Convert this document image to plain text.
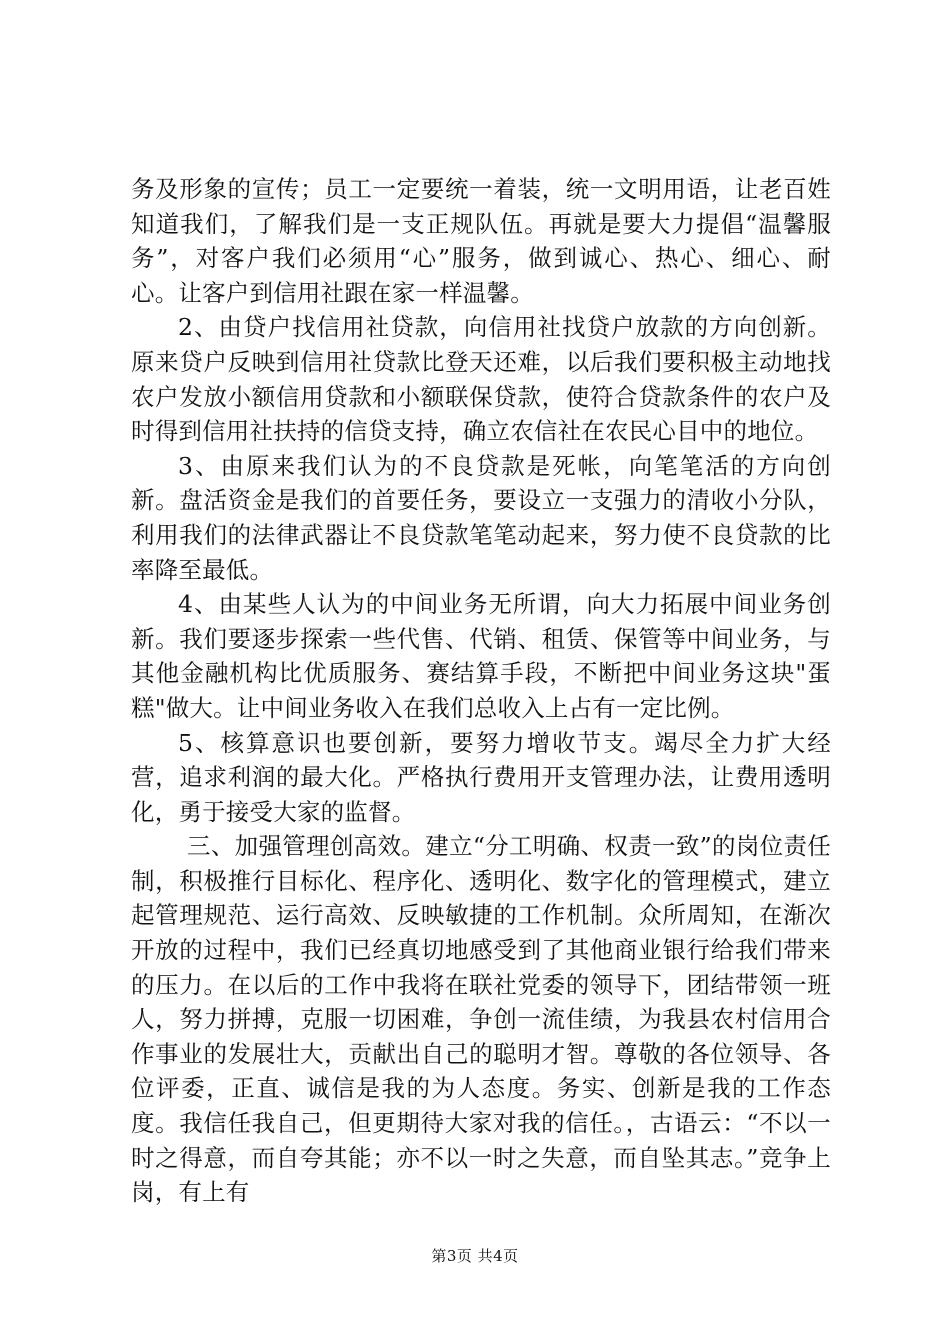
务及形象的宣传；员工一定要统一着装，统一文明用语，让老百姓知道我们，了解我们是一支正规队伍。再就是要大力提倡“温馨服务”，对客户我们必须用“心”服务，做到诚心、热心、细心、耐心。让客户到信用社跟在家一样温馨。

2、由贷户找信用社贷款，向信用社找贷户放款的方向创新。原来贷户反映到信用社贷款比登天还难，以后我们要积极主动地找农户发放小额信用贷款和小额联保贷款，使符合贷款条件的农户及时得到信用社扶持的信贷支持，确立农信社在农民心目中的地位。

3、由原来我们认为的不良贷款是死帐，向笔笔活的方向创新。盘活资金是我们的首要任务，要设立一支强力的清收小分队，利用我们的法律武器让不良贷款笔笔动起来，努力使不良贷款的比率降至最低。

4、由某些人认为的中间业务无所谓，向大力拓展中间业务创新。我们要逐步探索一些代售、代销、租赁、保管等中间业务，与其他金融机构比优质服务、赛结算手段，不断把中间业务这块"蛋糕"做大。让中间业务收入在我们总收入上占有一定比例。

5、核算意识也要创新，要努力增收节支。竭尽全力扩大经营，追求利润的最大化。严格执行费用开支管理办法，让费用透明化，勇于接受大家的监督。

三、加强管理创高效。建立“分工明确、权责一致”的岗位责任制，积极推行目标化、程序化、透明化、数字化的管理模式，建立起管理规范、运行高效、反映敏捷的工作机制。众所周知，在渐次开放的过程中，我们已经真切地感受到了其他商业银行给我们带来的压力。在以后的工作中我将在联社党委的领导下，团结带领一班人，努力拼搏，克服一切困难，争创一流佳绩，为我县农村信用合作事业的发展壮大，贡献出自己的聪明才智。尊敬的各位领导、各位评委，正直、诚信是我的为人态度。务实、创新是我的工作态度。我信任我自己，但更期待大家对我的信任。，古语云：“不以一时之得意，而自夸其能；亦不以一时之失意，而自坠其志。”竞争上岗，有上有

第3页 共4页
